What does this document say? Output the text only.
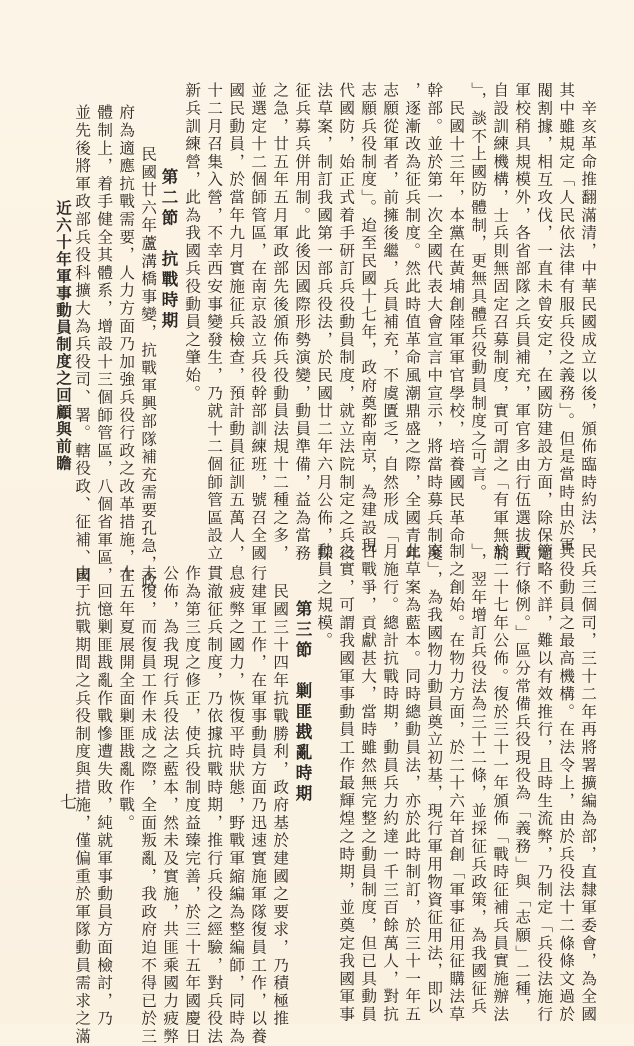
近六十年軍事動員制度之回顧與前瞻
七
　辛亥革命推翻滿清，中華民國成立以後，頒佈臨時約法，
其中雖規定「人民依法律有服兵役之義務」。但是當時由於軍
閥割據，相互攻伐，一直未曾安定，在國防建設方面，除保定
軍校稍具規模外，各省部隊之兵員補充，軍官多由行伍選拔或
自設訓練機構，士兵則無固定召募制度，實可謂之「有軍無制
」，談不上國防體制，更無具體兵役動員制度之可言。
　民國十三年，本黨在黃埔創陸軍軍官學校，培養國民革命
幹部。並於第一次全國代表大會宣言中宣示，將當時募兵制度
，逐漸改為征兵制度。然此時值革命風潮鼎盛之際，全國青年
志願從軍者，前擁後繼，兵員補充，不虞匱乏，自然形成「
志願兵役制度」。迨至民國十七年，政府奠都南京，為建設現
代國防，始正式着手研訂兵役動員制度，就立法院制定之兵役
法草案，制訂我國第一部兵役法，於民國廿二年六月公佈，採
征兵募兵併用制。此後因國際形勢演變，動員準備，益為當務
之急，廿五年五月軍政部先後頒佈兵役動員法規十二種之多，
並選定十二個師管區，在南京設立兵役幹部訓練班，號召全國
國民動員，於當年九月實施征兵檢查，預計動員征訓五萬人，
十二月召集入營，不幸西安事變發生，乃就十二個師管區設立
新兵訓練營，此為我國兵役動員之肇始。
第二節　抗戰時期
　民國廿六年蘆溝橋事變，抗戰軍興部隊補充需要孔急，政
府為適應抗戰需要，人力方面乃加強兵役行政之改革措施，在
體制上，着手健全其體系，增設十三個師管區，八個省軍區，
並先後將軍政部兵役科擴大為兵役司、署。轄役政、征補、國
民兵三個司，三十二年再將署擴編為部，直隸軍委會，為全國
兵役動員之最高機構。在法令上，由於兵役法十二條條文過於
簡略不詳，難以有效推行，且時生流弊，乃制定「兵役法施行
暫行條例。」區分常備兵役現役為「義務」與「志願」二種，
於二十七年公佈。復於三十一年頒佈「戰時征補兵員實施辦法
」，翌年增訂兵役法為三十二條，並採征兵政策，為我國征兵
制之創始。在物力方面，於二十六年首創「軍事征用征購法草
案」，為我國物力動員奠立初基，現行軍用物資征用法，即以
此草案為藍本。同時總動員法，亦於此時制訂，於三十一年五
月施行。總計抗戰時期，動員兵力約達一千三百餘萬人，對抗
日戰爭，貢獻甚大，當時雖然無完整之動員制度，但已具動員
之實，可謂我國軍事動員工作最輝煌之時期，並奠定我國軍事
動員之規模。
第三節　剿匪戡亂時期
　民國三十四年抗戰勝利，政府基於建國之要求，乃積極推
行建軍工作，在軍事動員方面乃迅速實施軍隊復員工作，以養
息疲弊之國力，恢復平時狀態，野戰軍縮編為整編師，同時為
貫澈征兵制度，乃依據抗戰時期，推行兵役之經驗，對兵役法
作為第三度之修正，使兵役制度益臻完善，於三十五年國慶日
公佈，為我現行兵役法之藍本，然未及實施，共匪乘國力疲弊
未復，而復員工作未成之際，全面叛亂，我政府迫不得已於三
十五年夏展開全面剿匪戡亂作戰。
　回憶剿匪戡亂作戰慘遭失敗，純就軍事動員方面檢討，乃
由于抗戰期間之兵役制度與措施，僅偏重於軍隊動員需求之滿
